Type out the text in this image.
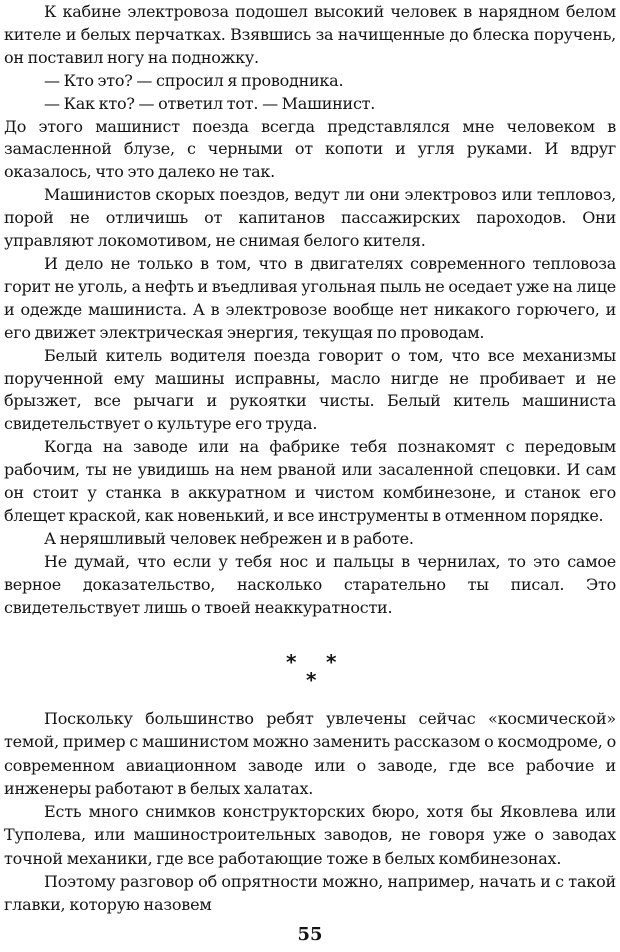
К кабине электровоза подошел высокий человек в нарядном белом кителе и белых перчатках. Взявшись за начищенные до блеска поручень, он поставил ногу на подножку.

— Кто это? — спросил я проводника.

— Как кто? — ответил тот. — Машинист.

До этого машинист поезда всегда представлялся мне человеком в замасленной блузе, с черными от копоти и угля руками. И вдруг оказалось, что это далеко не так.

Машинистов скорых поездов, ведут ли они электровоз или тепловоз, порой не отличишь от капитанов пассажирских пароходов. Они управляют локомотивом, не снимая белого кителя.

И дело не только в том, что в двигателях современного тепловоза горит не уголь, а нефть и въедливая угольная пыль не оседает уже на лице и одежде машиниста. А в электровозе вообще нет никакого горючего, и его движет электрическая энергия, текущая по проводам.

Белый китель водителя поезда говорит о том, что все механизмы порученной ему машины исправны, масло нигде не пробивает и не брызжет, все рычаги и рукоятки чисты. Белый китель машиниста свидетельствует о культуре его труда.

Когда на заводе или на фабрике тебя познакомят с передовым рабочим, ты не увидишь на нем рваной или засаленной спецовки. И сам он стоит у станка в аккуратном и чистом комбинезоне, и станок его блещет краской, как новенький, и все инструменты в отменном порядке.

А неряшливый человек небрежен и в работе.

Не думай, что если у тебя нос и пальцы в чернилах, то это самое верное доказательство, насколько старательно ты писал. Это свидетельствует лишь о твоей неаккуратности.

* *
*

Поскольку большинство ребят увлечены сейчас «космической» темой, пример с машинистом можно заменить рассказом о космодроме, о современном авиационном заводе или о заводе, где все рабочие и инженеры работают в белых халатах.

Есть много снимков конструкторских бюро, хотя бы Яковлева или Туполева, или машиностроительных заводов, не говоря уже о заводах точной механики, где все работающие тоже в белых комбинезонах.

Поэтому разговор об опрятности можно, например, начать и с такой главки, которую назовем

55
